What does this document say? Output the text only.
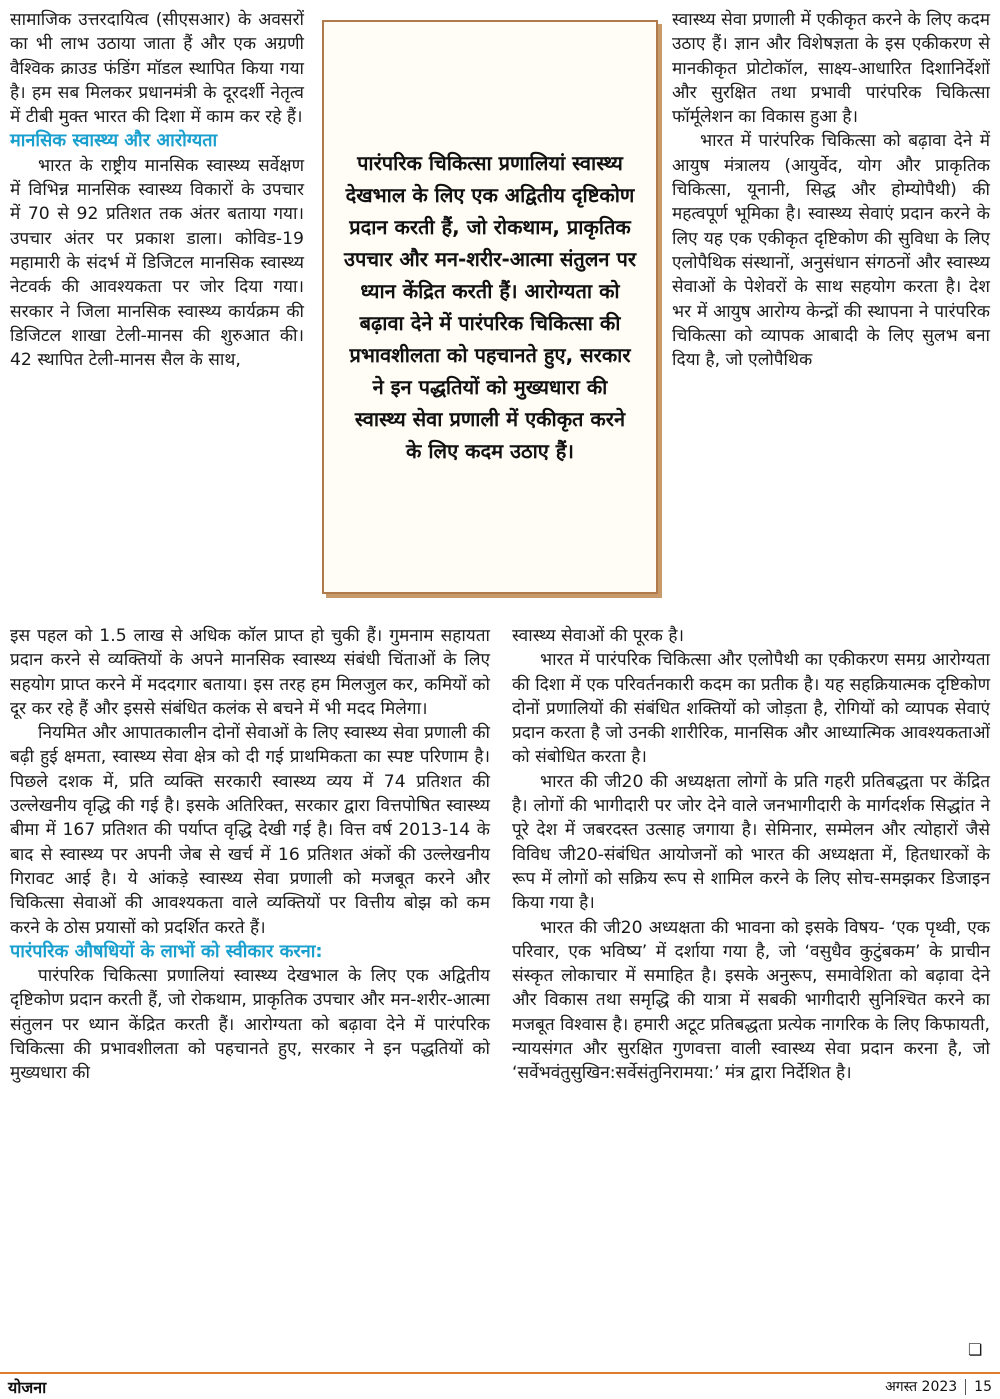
सामाजिक उत्तरदायित्व (सीएसआर) के अवसरों का भी लाभ उठाया जाता हैं और एक अग्रणी वैश्विक क्राउड फंडिंग मॉडल स्थापित किया गया है। हम सब मिलकर प्रधानमंत्री के दूरदर्शी नेतृत्व में टीबी मुक्त भारत की दिशा में काम कर रहे हैं।

मानसिक स्वास्थ्य और आरोग्यता

भारत के राष्ट्रीय मानसिक स्वास्थ्य सर्वेक्षण में विभिन्न मानसिक स्वास्थ्य विकारों के उपचार में 70 से 92 प्रतिशत तक अंतर बताया गया। उपचार अंतर पर प्रकाश डाला। कोविड-19 महामारी के संदर्भ में डिजिटल मानसिक स्वास्थ्य नेटवर्क की आवश्यकता पर जोर दिया गया। सरकार ने जिला मानसिक स्वास्थ्य कार्यक्रम की डिजिटल शाखा टेली-मानस की शुरुआत की। 42 स्थापित टेली-मानस सैल के साथ,

पारंपरिक चिकित्सा प्रणालियां स्वास्थ्य देखभाल के लिए एक अद्वितीय दृष्टिकोण प्रदान करती हैं, जो रोकथाम, प्राकृतिक उपचार और मन-शरीर-आत्मा संतुलन पर ध्यान केंद्रित करती हैं। आरोग्यता को बढ़ावा देने में पारंपरिक चिकित्सा की प्रभावशीलता को पहचानते हुए, सरकार ने इन पद्धतियों को मुख्यधारा की स्वास्थ्य सेवा प्रणाली में एकीकृत करने के लिए कदम उठाए हैं।

स्वास्थ्य सेवा प्रणाली में एकीकृत करने के लिए कदम उठाए हैं। ज्ञान और विशेषज्ञता के इस एकीकरण से मानकीकृत प्रोटोकॉल, साक्ष्य-आधारित दिशानिर्देशों और सुरक्षित तथा प्रभावी पारंपरिक चिकित्सा फॉर्मूलेशन का विकास हुआ है।

भारत में पारंपरिक चिकित्सा को बढ़ावा देने में आयुष मंत्रालय (आयुर्वेद, योग और प्राकृतिक चिकित्सा, यूनानी, सिद्ध और होम्योपैथी) की महत्वपूर्ण भूमिका है। स्वास्थ्य सेवाएं प्रदान करने के लिए यह एक एकीकृत दृष्टिकोण की सुविधा के लिए एलोपैथिक संस्थानों, अनुसंधान संगठनों और स्वास्थ्य सेवाओं के पेशेवरों के साथ सहयोग करता है। देश भर में आयुष आरोग्य केन्द्रों की स्थापना ने पारंपरिक चिकित्सा को व्यापक आबादी के लिए सुलभ बना दिया है, जो एलोपैथिक

इस पहल को 1.5 लाख से अधिक कॉल प्राप्त हो चुकी हैं। गुमनाम सहायता प्रदान करने से व्यक्तियों के अपने मानसिक स्वास्थ्य संबंधी चिंताओं के लिए सहयोग प्राप्त करने में मददगार बताया। इस तरह हम मिलजुल कर, कमियों को दूर कर रहे हैं और इससे संबंधित कलंक से बचने में भी मदद मिलेगा।

नियमित और आपातकालीन दोनों सेवाओं के लिए स्वास्थ्य सेवा प्रणाली की बढ़ी हुई क्षमता, स्वास्थ्य सेवा क्षेत्र को दी गई प्राथमिकता का स्पष्ट परिणाम है। पिछले दशक में, प्रति व्यक्ति सरकारी स्वास्थ्य व्यय में 74 प्रतिशत की उल्लेखनीय वृद्धि की गई है। इसके अतिरिक्त, सरकार द्वारा वित्तपोषित स्वास्थ्य बीमा में 167 प्रतिशत की पर्याप्त वृद्धि देखी गई है। वित्त वर्ष 2013-14 के बाद से स्वास्थ्य पर अपनी जेब से खर्च में 16 प्रतिशत अंकों की उल्लेखनीय गिरावट आई है। ये आंकड़े स्वास्थ्य सेवा प्रणाली को मजबूत करने और चिकित्सा सेवाओं की आवश्यकता वाले व्यक्तियों पर वित्तीय बोझ को कम करने के ठोस प्रयासों को प्रदर्शित करते हैं।

पारंपरिक औषधियों के लाभों को स्वीकार करना:

पारंपरिक चिकित्सा प्रणालियां स्वास्थ्य देखभाल के लिए एक अद्वितीय दृष्टिकोण प्रदान करती हैं, जो रोकथाम, प्राकृतिक उपचार और मन-शरीर-आत्मा संतुलन पर ध्यान केंद्रित करती हैं। आरोग्यता को बढ़ावा देने में पारंपरिक चिकित्सा की प्रभावशीलता को पहचानते हुए, सरकार ने इन पद्धतियों को मुख्यधारा की

स्वास्थ्य सेवाओं की पूरक है।

भारत में पारंपरिक चिकित्सा और एलोपैथी का एकीकरण समग्र आरोग्यता की दिशा में एक परिवर्तनकारी कदम का प्रतीक है। यह सहक्रियात्मक दृष्टिकोण दोनों प्रणालियों की संबंधित शक्तियों को जोड़ता है, रोगियों को व्यापक सेवाएं प्रदान करता है जो उनकी शारीरिक, मानसिक और आध्यात्मिक आवश्यकताओं को संबोधित करता है।

भारत की जी20 की अध्यक्षता लोगों के प्रति गहरी प्रतिबद्धता पर केंद्रित है। लोगों की भागीदारी पर जोर देने वाले जनभागीदारी के मार्गदर्शक सिद्धांत ने पूरे देश में जबरदस्त उत्साह जगाया है। सेमिनार, सम्मेलन और त्योहारों जैसे विविध जी20-संबंधित आयोजनों को भारत की अध्यक्षता में, हितधारकों के रूप में लोगों को सक्रिय रूप से शामिल करने के लिए सोच-समझकर डिजाइन किया गया है।

भारत की जी20 अध्यक्षता की भावना को इसके विषय- ‘एक पृथ्वी, एक परिवार, एक भविष्य’ में दर्शाया गया है, जो ‘वसुधैव कुटुंबकम’ के प्राचीन संस्कृत लोकाचार में समाहित है। इसके अनुरूप, समावेशिता को बढ़ावा देने और विकास तथा समृद्धि की यात्रा में सबकी भागीदारी सुनिश्चित करने का मजबूत विश्वास है। हमारी अटूट प्रतिबद्धता प्रत्येक नागरिक के लिए किफायती, न्यायसंगत और सुरक्षित गुणवत्ता वाली स्वास्थ्य सेवा प्रदान करना है, जो ‘सर्वेभवंतुसुखिन:सर्वेसंतुनिरामया:’ मंत्र द्वारा निर्देशित है।

❏
योजना	अगस्त 2023 15
